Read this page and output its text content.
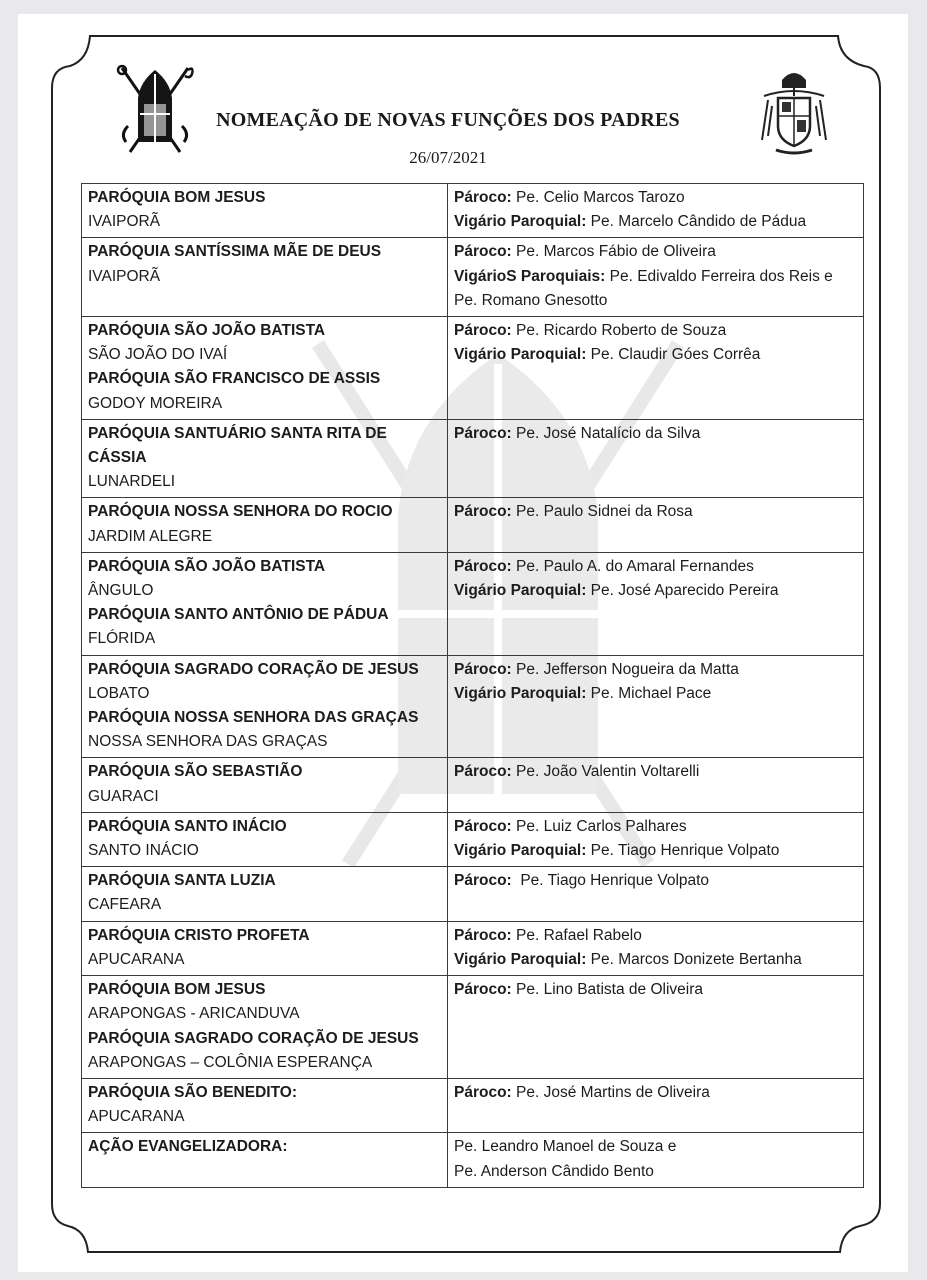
NOMEAÇÃO DE NOVAS FUNÇÕES DOS PADRES
26/07/2021
PARÓQUIA BOM JESUS
IVAIPORÃ	Pároco: Pe. Celio Marcos Tarozo
Vigário Paroquial: Pe. Marcelo Cândido de Pádua

PARÓQUIA SANTÍSSIMA MÃE DE DEUS
IVAIPORÃ	Pároco: Pe. Marcos Fábio de Oliveira
VigárioS Paroquiais: Pe. Edivaldo Ferreira dos Reis e Pe. Romano Gnesotto

PARÓQUIA SÃO JOÃO BATISTA
SÃO JOÃO DO IVAÍ
PARÓQUIA SÃO FRANCISCO DE ASSIS
GODOY MOREIRA	Pároco: Pe. Ricardo Roberto de Souza
Vigário Paroquial: Pe. Claudir Góes Corrêa

PARÓQUIA SANTUÁRIO SANTA RITA DE CÁSSIA
LUNARDELI	Pároco: Pe. José Natalício da Silva

PARÓQUIA NOSSA SENHORA DO ROCIO
JARDIM ALEGRE	Pároco: Pe. Paulo Sidnei da Rosa

PARÓQUIA SÃO JOÃO BATISTA
ÂNGULO
PARÓQUIA SANTO ANTÔNIO DE PÁDUA
FLÓRIDA	Pároco: Pe. Paulo A. do Amaral Fernandes
Vigário Paroquial: Pe. José Aparecido Pereira

PARÓQUIA SAGRADO CORAÇÃO DE JESUS
LOBATO
PARÓQUIA NOSSA SENHORA DAS GRAÇAS
NOSSA SENHORA DAS GRAÇAS	Pároco: Pe. Jefferson Nogueira da Matta
Vigário Paroquial: Pe. Michael Pace

PARÓQUIA SÃO SEBASTIÃO
GUARACI	Pároco: Pe. João Valentin Voltarelli

PARÓQUIA SANTO INÁCIO
SANTO INÁCIO	Pároco: Pe. Luiz Carlos Palhares
Vigário Paroquial: Pe. Tiago Henrique Volpato

PARÓQUIA SANTA LUZIA
CAFEARA	Pároco:  Pe. Tiago Henrique Volpato

PARÓQUIA CRISTO PROFETA
APUCARANA	Pároco: Pe. Rafael Rabelo
Vigário Paroquial: Pe. Marcos Donizete Bertanha

PARÓQUIA BOM JESUS
ARAPONGAS - ARICANDUVA
PARÓQUIA SAGRADO CORAÇÃO DE JESUS
ARAPONGAS – COLÔNIA ESPERANÇA	Pároco: Pe. Lino Batista de Oliveira

PARÓQUIA SÃO BENEDITO:
APUCARANA	Pároco: Pe. José Martins de Oliveira

AÇÃO EVANGELIZADORA:	Pe. Leandro Manoel de Souza e
Pe. Anderson Cândido Bento
